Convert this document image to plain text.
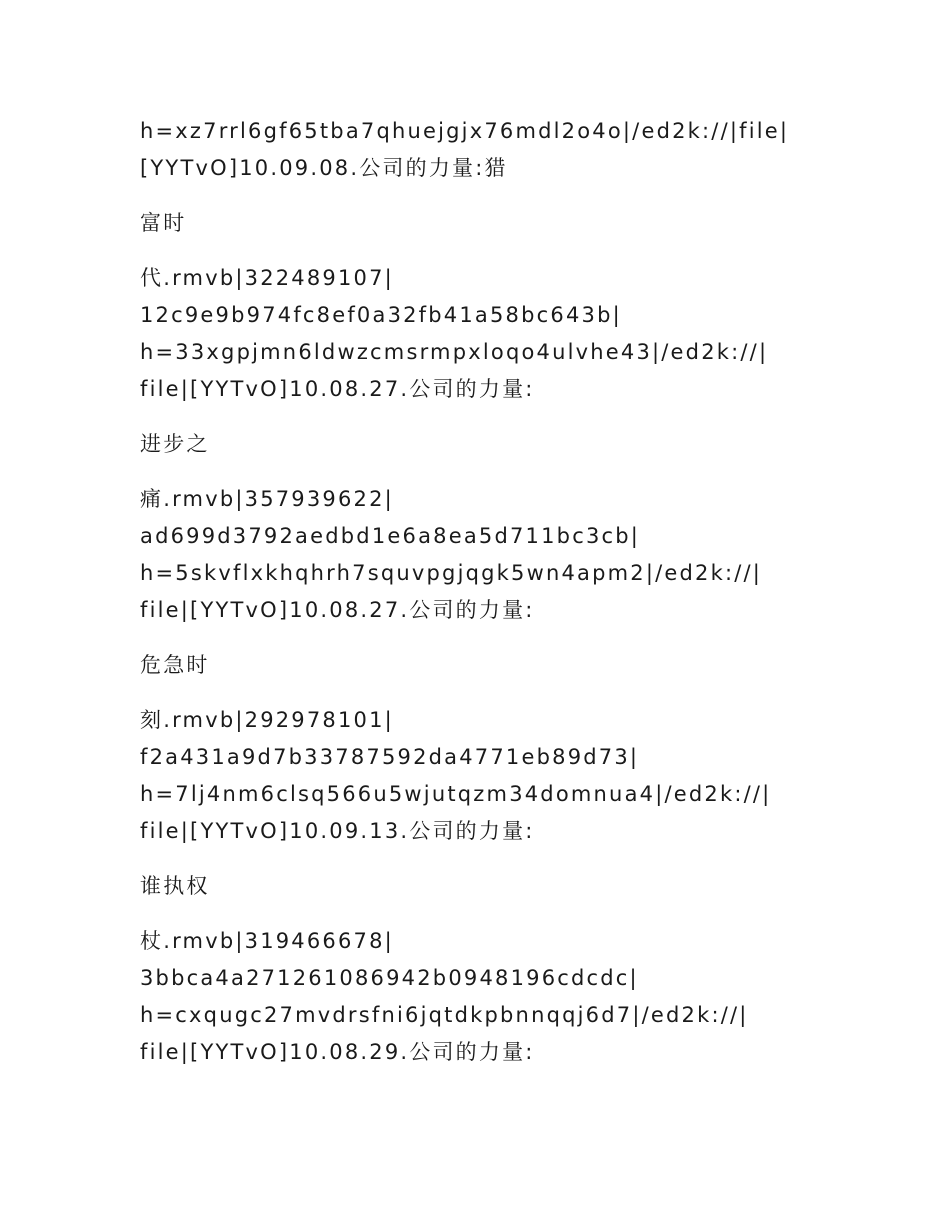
h=xz7rrl6gf65tba7qhuejgjx76mdl2o4o|/ed2k://|file|
[YYTvO]10.09.08.公司的力量:猎

富时

代.rmvb|322489107|
12c9e9b974fc8ef0a32fb41a58bc643b|
h=33xgpjmn6ldwzcmsrmpxloqo4ulvhe43|/ed2k://|
file|[YYTvO]10.08.27.公司的力量:

进步之

痛.rmvb|357939622|
ad699d3792aedbd1e6a8ea5d711bc3cb|
h=5skvflxkhqhrh7squvpgjqgk5wn4apm2|/ed2k://|
file|[YYTvO]10.08.27.公司的力量:

危急时

刻.rmvb|292978101|
f2a431a9d7b33787592da4771eb89d73|
h=7lj4nm6clsq566u5wjutqzm34domnua4|/ed2k://|
file|[YYTvO]10.09.13.公司的力量:

谁执权

杖.rmvb|319466678|
3bbca4a271261086942b0948196cdcdc|
h=cxqugc27mvdrsfni6jqtdkpbnnqqj6d7|/ed2k://|
file|[YYTvO]10.08.29.公司的力量:
